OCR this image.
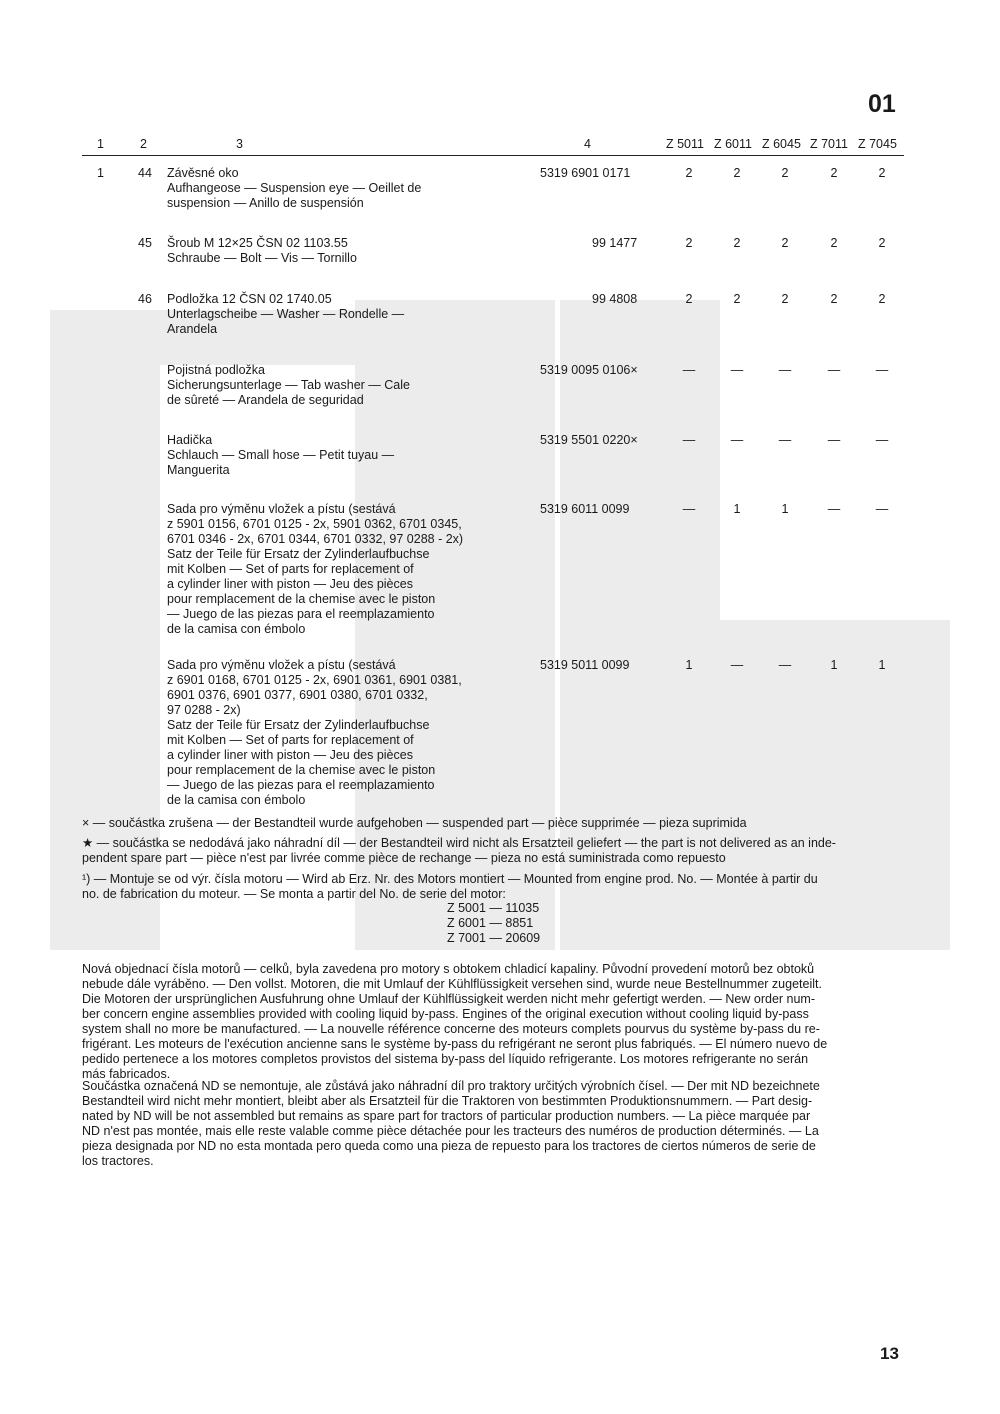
01
1	2	3	4	Z 5011 Z 6011 Z 6045 Z 7011 Z 7045
1	44 Závěsné oko
Aufhangeose — Suspension eye — Oeillet de
suspension — Anillo de suspensión
5319 6901 0171	2	2	2	2	2
45 Šroub M 12×25 ČSN 02 1103.55
Schraube — Bolt — Vis — Tornillo
99 1477	2	2	2	2	2
46 Podložka 12 ČSN 02 1740.05
Unterlagscheibe — Washer — Rondelle —
Arandela
99 4808	2	2	2	2	2
Pojistná podložka
Sicherungsunterlage — Tab washer — Cale
de sûreté — Arandela de seguridad
5319 0095 0106×	—	—	—	—	—
Hadička
Schlauch — Small hose — Petit tuyau —
Manguerita
5319 5501 0220×	—	—	—	—	—
Sada pro výměnu vložek a pístu (sestává
z 5901 0156, 6701 0125 - 2x, 5901 0362, 6701 0345,
6701 0346 - 2x, 6701 0344, 6701 0332, 97 0288 - 2x)
Satz der Teile für Ersatz der Zylinderlaufbuchse
mit Kolben — Set of parts for replacement of
a cylinder liner with piston — Jeu des pièces
pour remplacement de la chemise avec le piston
— Juego de las piezas para el reemplazamiento
de la camisa con émbolo
5319 6011 0099	—	1	1	—	—
Sada pro výměnu vložek a pístu (sestává
z 6901 0168, 6701 0125 - 2x, 6901 0361, 6901 0381,
6901 0376, 6901 0377, 6901 0380, 6701 0332,
97 0288 - 2x)
Satz der Teile für Ersatz der Zylinderlaufbuchse
mit Kolben — Set of parts for replacement of
a cylinder liner with piston — Jeu des pièces
pour remplacement de la chemise avec le piston
— Juego de las piezas para el reemplazamiento
de la camisa con émbolo
5319 5011 0099	1	—	—	1	1
× — součástka zrušena — der Bestandteil wurde aufgehoben — suspended part — pièce supprimée — pieza suprimida
★ — součástka se nedodává jako náhradní díl — der Bestandteil wird nicht als Ersatzteil geliefert — the part is not delivered as an inde-
pendent spare part — pièce n'est par livrée comme pièce de rechange — pieza no está suministrada como repuesto
¹) — Montuje se od výr. čísla motoru — Wird ab Erz. Nr. des Motors montiert — Mounted from engine prod. No. — Montée à partir du
no. de fabrication du moteur. — Se monta a partir del No. de serie del motor:
Z 5001 — 11035
Z 6001 — 8851
Z 7001 — 20609
Nová objednací čísla motorů — celků, byla zavedena pro motory s obtokem chladicí kapaliny. Původní provedení motorů bez obtoků
nebude dále vyráběno. — Den vollst. Motoren, die mit Umlauf der Kühlflüssigkeit versehen sind, wurde neue Bestellnummer zugeteilt.
Die Motoren der ursprünglichen Ausfuhrung ohne Umlauf der Kühlflüssigkeit werden nicht mehr gefertigt werden. — New order num-
ber concern engine assemblies provided with cooling liquid by-pass. Engines of the original execution without cooling liquid by-pass
system shall no more be manufactured. — La nouvelle référence concerne des moteurs complets pourvus du système by-pass du re-
frigérant. Les moteurs de l'exécution ancienne sans le système by-pass du refrigérant ne seront plus fabriqués. — El número nuevo de
pedido pertenece a los motores completos provistos del sistema by-pass del líquido refrigerante. Los motores refrigerante no serán
más fabricados.
Součástka označená ND se nemontuje, ale zůstává jako náhradní díl pro traktory určitých výrobních čísel. — Der mit ND bezeichnete
Bestandteil wird nicht mehr montiert, bleibt aber als Ersatzteil für die Traktoren von bestimmten Produktionsnummern. — Part desig-
nated by ND will be not assembled but remains as spare part for tractors of particular production numbers. — La pièce marquée par
ND n'est pas montée, mais elle reste valable comme pièce détachée pour les tracteurs des numéros de production déterminés. — La
pieza designada por ND no esta montada pero queda como una pieza de repuesto para los tractores de ciertos números de serie de
los tractores.
13
